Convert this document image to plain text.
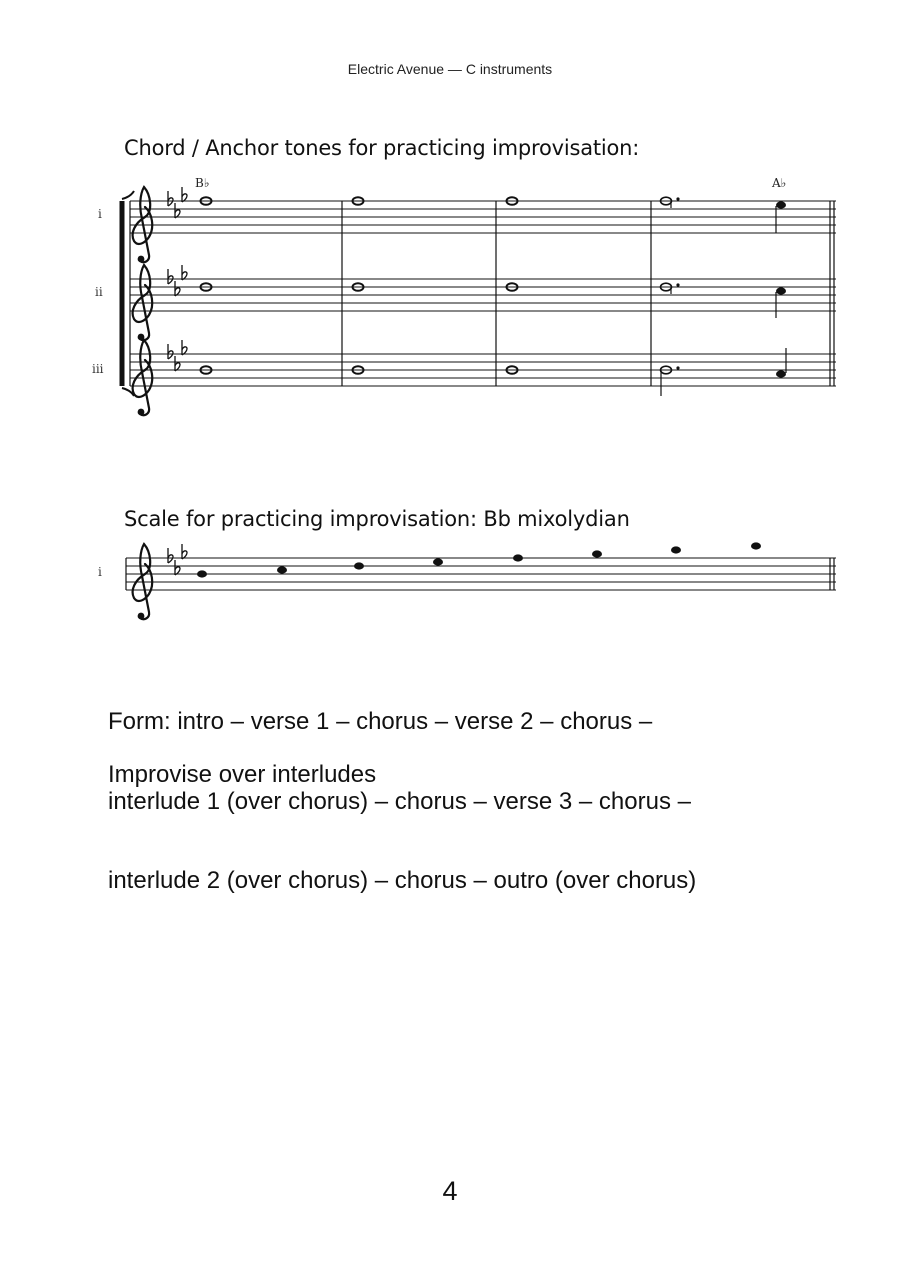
Electric Avenue — C instruments
Chord / Anchor tones for practicing improvisation:
Scale for practicing improvisation: Bb mixolydian
i
ii
iii
B♭	A♭
i

Form: intro – verse 1 – chorus – verse 2 – chorus –

interlude 1 (over chorus) – chorus – verse 3 – chorus –

interlude 2 (over chorus) – chorus – outro (over chorus)

Improvise over interludes
4
